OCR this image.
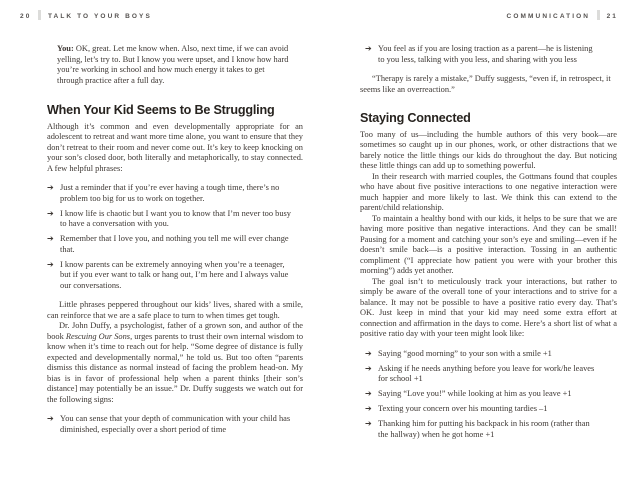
20	TALK TO YOUR BOYS	COMMUNICATION	21

You: OK, great. Let me know when. Also, next time, if we can avoid yelling, let’s try to. But I know you were upset, and I know how hard you’re working in school and how much energy it takes to get through practice after a full day.

When Your Kid Seems to Be Struggling

Although it’s common and even developmentally appropriate for an adolescent to retreat and want more time alone, you want to ensure that they don’t retreat to their room and never come out. It’s key to keep knocking on your son’s closed door, both literally and metaphorically, to stay connected. A few helpful phrases:

➔ Just a reminder that if you’re ever having a tough time, there’s no problem too big for us to work on together.
➔ I know life is chaotic but I want you to know that I’m never too busy to have a conversation with you.
➔ Remember that I love you, and nothing you tell me will ever change that.
➔ I know parents can be extremely annoying when you’re a teenager, but if you ever want to talk or hang out, I’m here and I always value our conversations.

Little phrases peppered throughout our kids’ lives, shared with a smile, can reinforce that we are a safe place to turn to when times get tough.

Dr. John Duffy, a psychologist, father of a grown son, and author of the book Rescuing Our Sons, urges parents to trust their own internal wisdom to know when it’s time to reach out for help. “Some degree of distance is fully expected and developmentally normal,” he told us. But too often “parents dismiss this distance as normal instead of facing the problem head-on. My bias is in favor of professional help when a parent thinks [their son’s distance] may potentially be an issue.” Dr. Duffy suggests we watch out for the following signs:

➔ You can sense that your depth of communication with your child has diminished, especially over a short period of time
➔ You feel as if you are losing traction as a parent—he is listening to you less, talking with you less, and sharing with you less

“Therapy is rarely a mistake,” Duffy suggests, “even if, in retrospect, it seems like an overreaction.”

Staying Connected

Too many of us—including the humble authors of this very book—are sometimes so caught up in our phones, work, or other distractions that we barely notice the little things our kids do throughout the day. But noticing these little things can add up to something powerful.

In their research with married couples, the Gottmans found that couples who have about five positive interactions to one negative interaction were much happier and more likely to last. We think this can extend to the parent/child relationship.

To maintain a healthy bond with our kids, it helps to be sure that we are having more positive than negative interactions. And they can be small! Pausing for a moment and catching your son’s eye and smiling—even if he doesn’t smile back—is a positive interaction. Tossing in an authentic compliment (“I appreciate how patient you were with your brother this morning”) adds yet another.

The goal isn’t to meticulously track your interactions, but rather to simply be aware of the overall tone of your interactions and to strive for a balance. It may not be possible to have a positive ratio every day. That’s OK. Just keep in mind that your kid may need some extra effort at connection and affirmation in the days to come. Here’s a short list of what a positive ratio day with your teen might look like:

➔ Saying “good morning” to your son with a smile +1
➔ Asking if he needs anything before you leave for work/he leaves for school +1
➔ Saying “Love you!” while looking at him as you leave +1
➔ Texting your concern over his mounting tardies –1
➔ Thanking him for putting his backpack in his room (rather than the hallway) when he got home +1
